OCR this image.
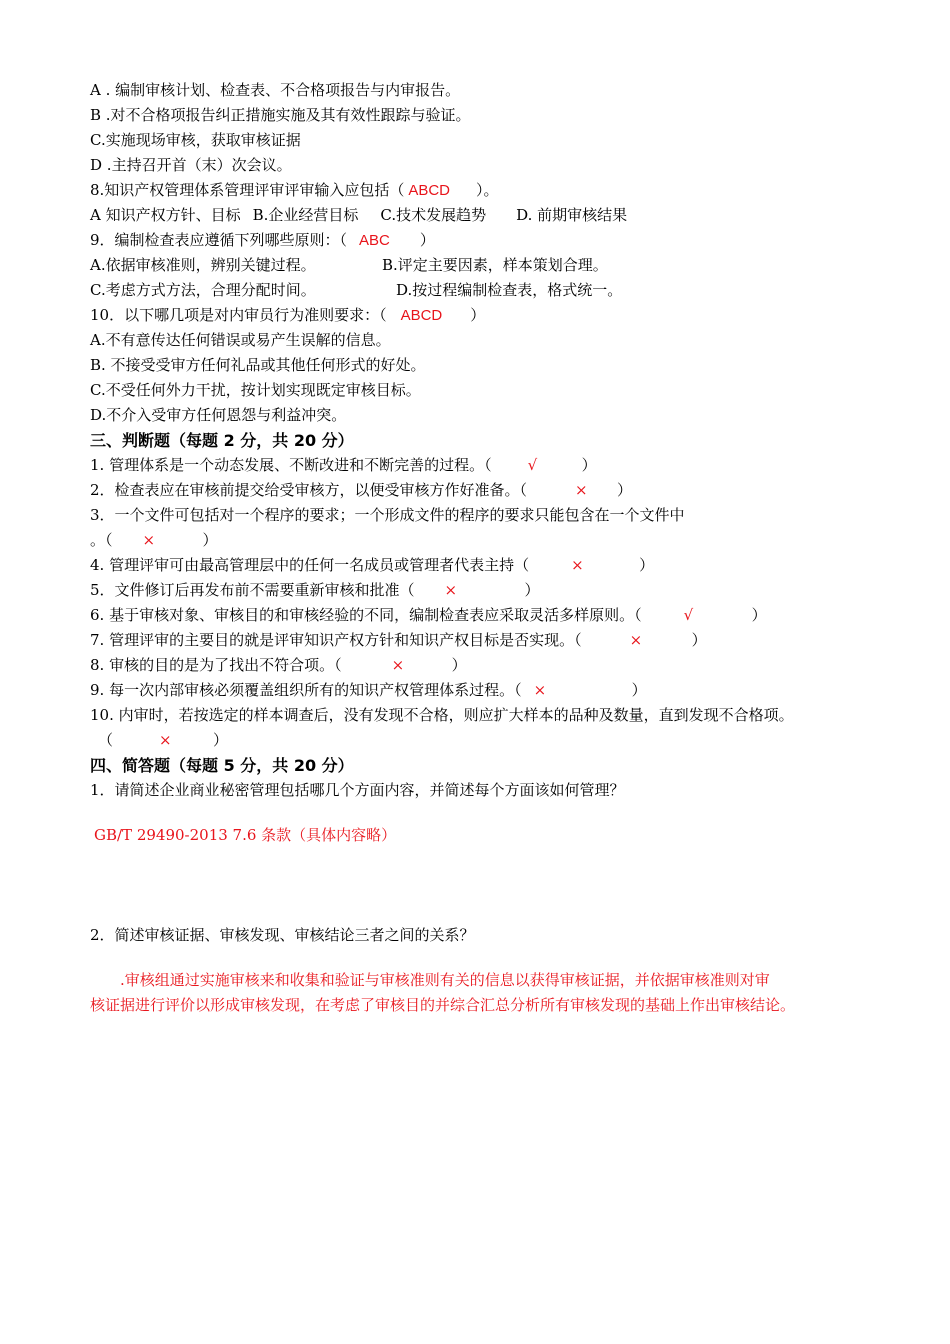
A . 编制审核计划、检查表、不合格项报告与内审报告。
B .对不合格项报告纠正措施实施及其有效性跟踪与验证。
C.实施现场审核，获取审核证据
D .主持召开首（末）次会议。
8.知识产权管理体系管理评审评审输入应包括（ ABCD ）。
A 知识产权方针、目标 B.企业经营目标 C.技术发展趋势 D. 前期审核结果
9．编制检查表应遵循下列哪些原则：（ ABC ）
A.依据审核准则，辨别关键过程。	B.评定主要因素，样本策划合理。
C.考虑方式方法，合理分配时间。	D.按过程编制检查表，格式统一。
10．以下哪几项是对内审员行为准则要求：（ ABCD ）
A.不有意传达任何错误或易产生误解的信息。
B. 不接受受审方任何礼品或其他任何形式的好处。
C.不受任何外力干扰，按计划实现既定审核目标。
D.不介入受审方任何恩怨与利益冲突。
三、判断题（每题 2 分，共 20 分）
1. 管理体系是一个动态发展、不断改进和不断完善的过程。（ √	）
2．检查表应在审核前提交给受审核方，以便受审核方作好准备。（	× ）
3．一个文件可包括对一个程序的要求；一个形成文件的程序的要求只能包含在一个文件中
。（ ×	）
4. 管理评审可由最高管理层中的任何一名成员或管理者代表主持（	×	）
5．文件修订后再发布前不需要重新审核和批准（ ×	）
6. 基于审核对象、审核目的和审核经验的不同，编制检查表应采取灵活多样原则。（	√	）
7. 管理评审的主要目的就是评审知识产权方针和知识产权目标是否实现。（	×	）
8. 审核的目的是为了找出不符合项。（	×	）
9. 每一次内部审核必须覆盖组织所有的知识产权管理体系过程。（ ×	）
10. 内审时，若按选定的样本调查后，没有发现不合格，则应扩大样本的品种及数量，直到发现不合格项。
（	×	）
四、简答题（每题 5 分，共 20 分）
1．请简述企业商业秘密管理包括哪几个方面内容，并简述每个方面该如何管理？
GB/T 29490-2013 7.6 条款（具体内容略）
2．简述审核证据、审核发现、审核结论三者之间的关系？
.审核组通过实施审核来和收集和验证与审核准则有关的信息以获得审核证据，并依据审核准则对审
核证据进行评价以形成审核发现，在考虑了审核目的并综合汇总分析所有审核发现的基础上作出审核结论。
